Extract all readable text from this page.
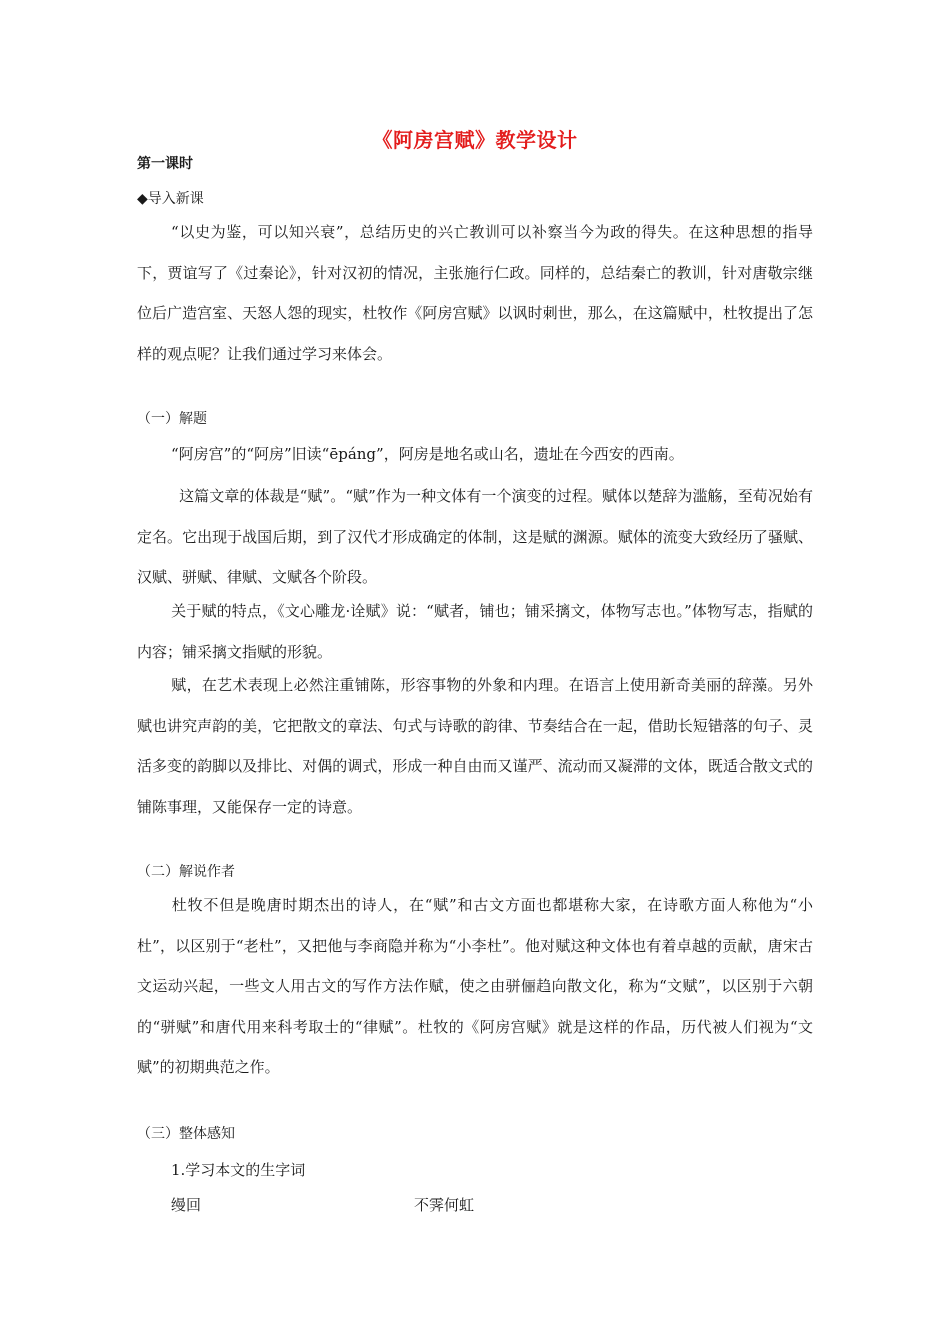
《阿房宫赋》教学设计
第一课时
◆导入新课

“以史为鉴，可以知兴衰”，总结历史的兴亡教训可以补察当今为政的得失。在这种思想的指导下，贾谊写了《过秦论》，针对汉初的情况，主张施行仁政。同样的，总结秦亡的教训，针对唐敬宗继位后广造宫室、天怒人怨的现实，杜牧作《阿房宫赋》以讽时刺世，那么，在这篇赋中，杜牧提出了怎样的观点呢？让我们通过学习来体会。

（一）解题

“阿房宫”的“阿房”旧读“ēpáng”，阿房是地名或山名，遗址在今西安的西南。

这篇文章的体裁是“赋”。“赋”作为一种文体有一个演变的过程。赋体以楚辞为滥觞，至荀况始有定名。它出现于战国后期，到了汉代才形成确定的体制，这是赋的渊源。赋体的流变大致经历了骚赋、汉赋、骈赋、律赋、文赋各个阶段。

关于赋的特点，《文心雕龙·诠赋》说：“赋者，铺也；铺采摛文，体物写志也。”体物写志，指赋的内容；铺采摛文指赋的形貌。

赋，在艺术表现上必然注重铺陈，形容事物的外象和内理。在语言上使用新奇美丽的辞藻。另外赋也讲究声韵的美，它把散文的章法、句式与诗歌的韵律、节奏结合在一起，借助长短错落的句子、灵活多变的韵脚以及排比、对偶的调式，形成一种自由而又谨严、流动而又凝滞的文体，既适合散文式的铺陈事理，又能保存一定的诗意。

（二）解说作者

杜牧不但是晚唐时期杰出的诗人，在“赋”和古文方面也都堪称大家，在诗歌方面人称他为“小杜”，以区别于“老杜”，又把他与李商隐并称为“小李杜”。他对赋这种文体也有着卓越的贡献，唐宋古文运动兴起，一些文人用古文的写作方法作赋，使之由骈俪趋向散文化，称为“文赋”，以区别于六朝的“骈赋”和唐代用来科考取士的“律赋”。杜牧的《阿房宫赋》就是这样的作品，历代被人们视为“文赋”的初期典范之作。

（三）整体感知
1.学习本文的生字词
缦回	不霁何虹
